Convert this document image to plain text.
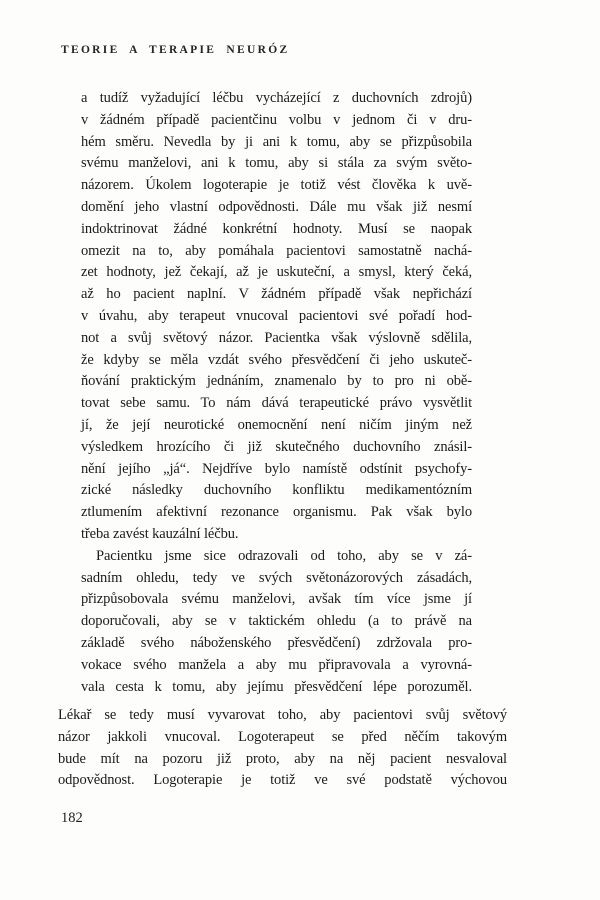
TEORIE A TERAPIE NEURÓZ
a tudíž vyžadující léčbu vycházející z duchovních zdrojů)
v žádném případě pacientčinu volbu v jednom či v dru-
hém směru. Nevedla by ji ani k tomu, aby se přizpůsobila
svému manželovi, ani k tomu, aby si stála za svým světo-
názorem. Úkolem logoterapie je totiž vést člověka k uvě-
domění jeho vlastní odpovědnosti. Dále mu však již nesmí
indoktrinovat žádné konkrétní hodnoty. Musí se naopak
omezit na to, aby pomáhala pacientovi samostatně nachá-
zet hodnoty, jež čekají, až je uskuteční, a smysl, který čeká,
až ho pacient naplní. V žádném případě však nepřichází
v úvahu, aby terapeut vnucoval pacientovi své pořadí hod-
not a svůj světový názor. Pacientka však výslovně sdělila,
že kdyby se měla vzdát svého přesvědčení či jeho uskuteč-
ňování praktickým jednáním, znamenalo by to pro ni obě-
tovat sebe samu. To nám dává terapeutické právo vysvětlit
jí, že její neurotické onemocnění není ničím jiným než
výsledkem hrozícího či již skutečného duchovního znásil-
nění jejího „já“. Nejdříve bylo namístě odstínit psychofy-
zické následky duchovního konfliktu medikamentózním
ztlumením afektivní rezonance organismu. Pak však bylo
třeba zavést kauzální léčbu.
Pacientku jsme sice odrazovali od toho, aby se v zá-
sadním ohledu, tedy ve svých světonázorových zásadách,
přizpůsobovala svému manželovi, avšak tím více jsme jí
doporučovali, aby se v taktickém ohledu (a to právě na
základě svého náboženského přesvědčení) zdržovala pro-
vokace svého manžela a aby mu připravovala a vyrovná-
vala cesta k tomu, aby jejímu přesvědčení lépe porozuměl.
Lékař se tedy musí vyvarovat toho, aby pacientovi svůj světový
názor jakkoli vnucoval. Logoterapeut se před něčím takovým
bude mít na pozoru již proto, aby na něj pacient nesvaloval
odpovědnost. Logoterapie je totiž ve své podstatě výchovou
182
